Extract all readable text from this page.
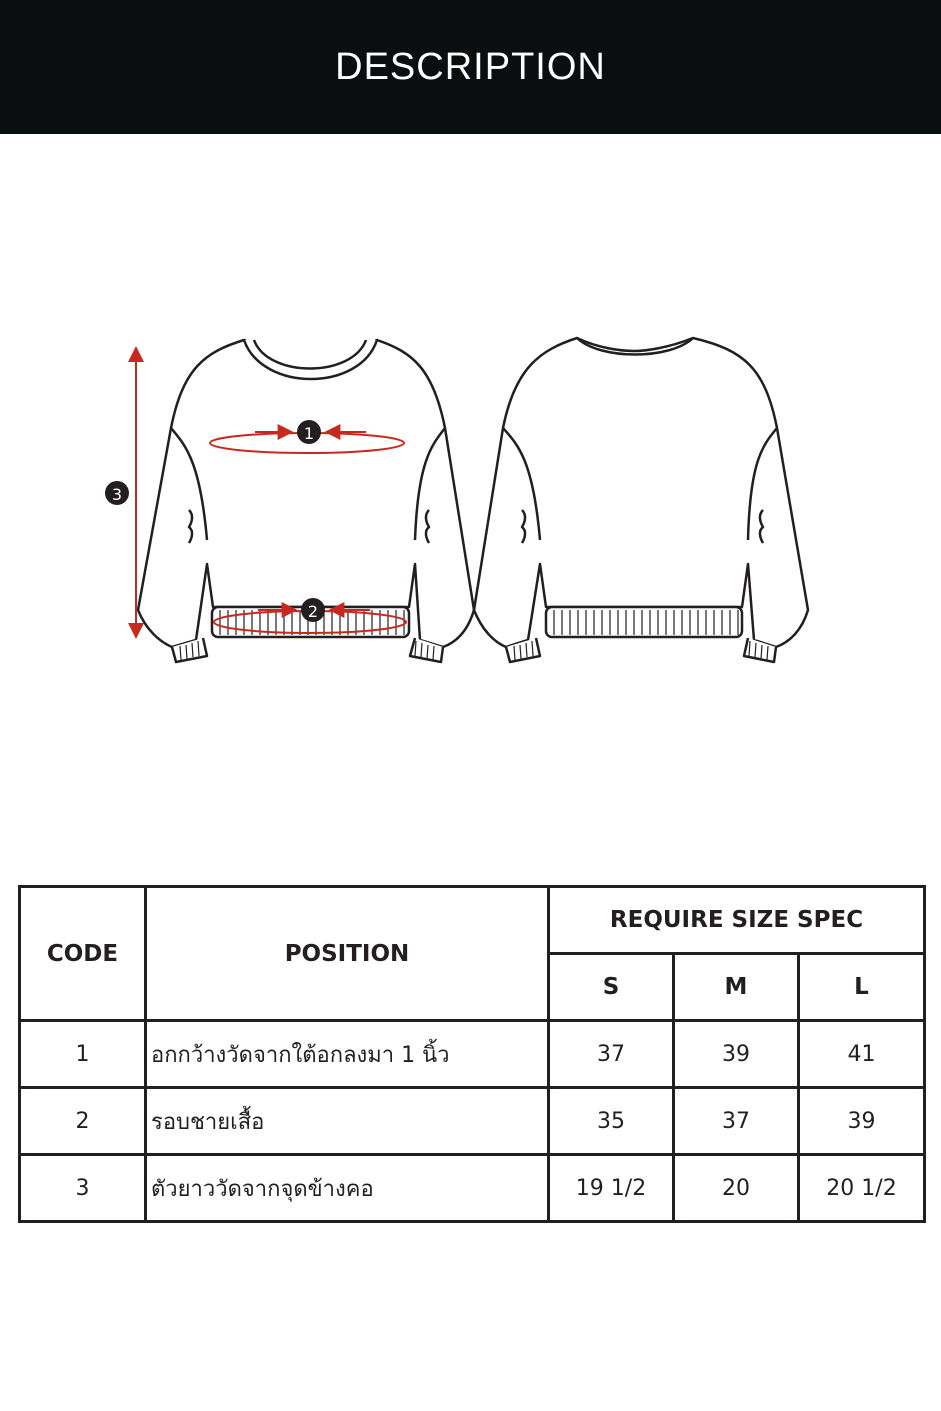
DESCRIPTION
1
2
3
CODE	POSITION	REQUIRE SIZE SPEC		
		S	M	L
1	อกกว้างวัดจากใต้อกลงมา 1 นิ้ว	37	39	41
2	รอบชายเสื้อ	35	37	39
3	ตัวยาววัดจากจุดข้างคอ	19 1/2	20	20 1/2
